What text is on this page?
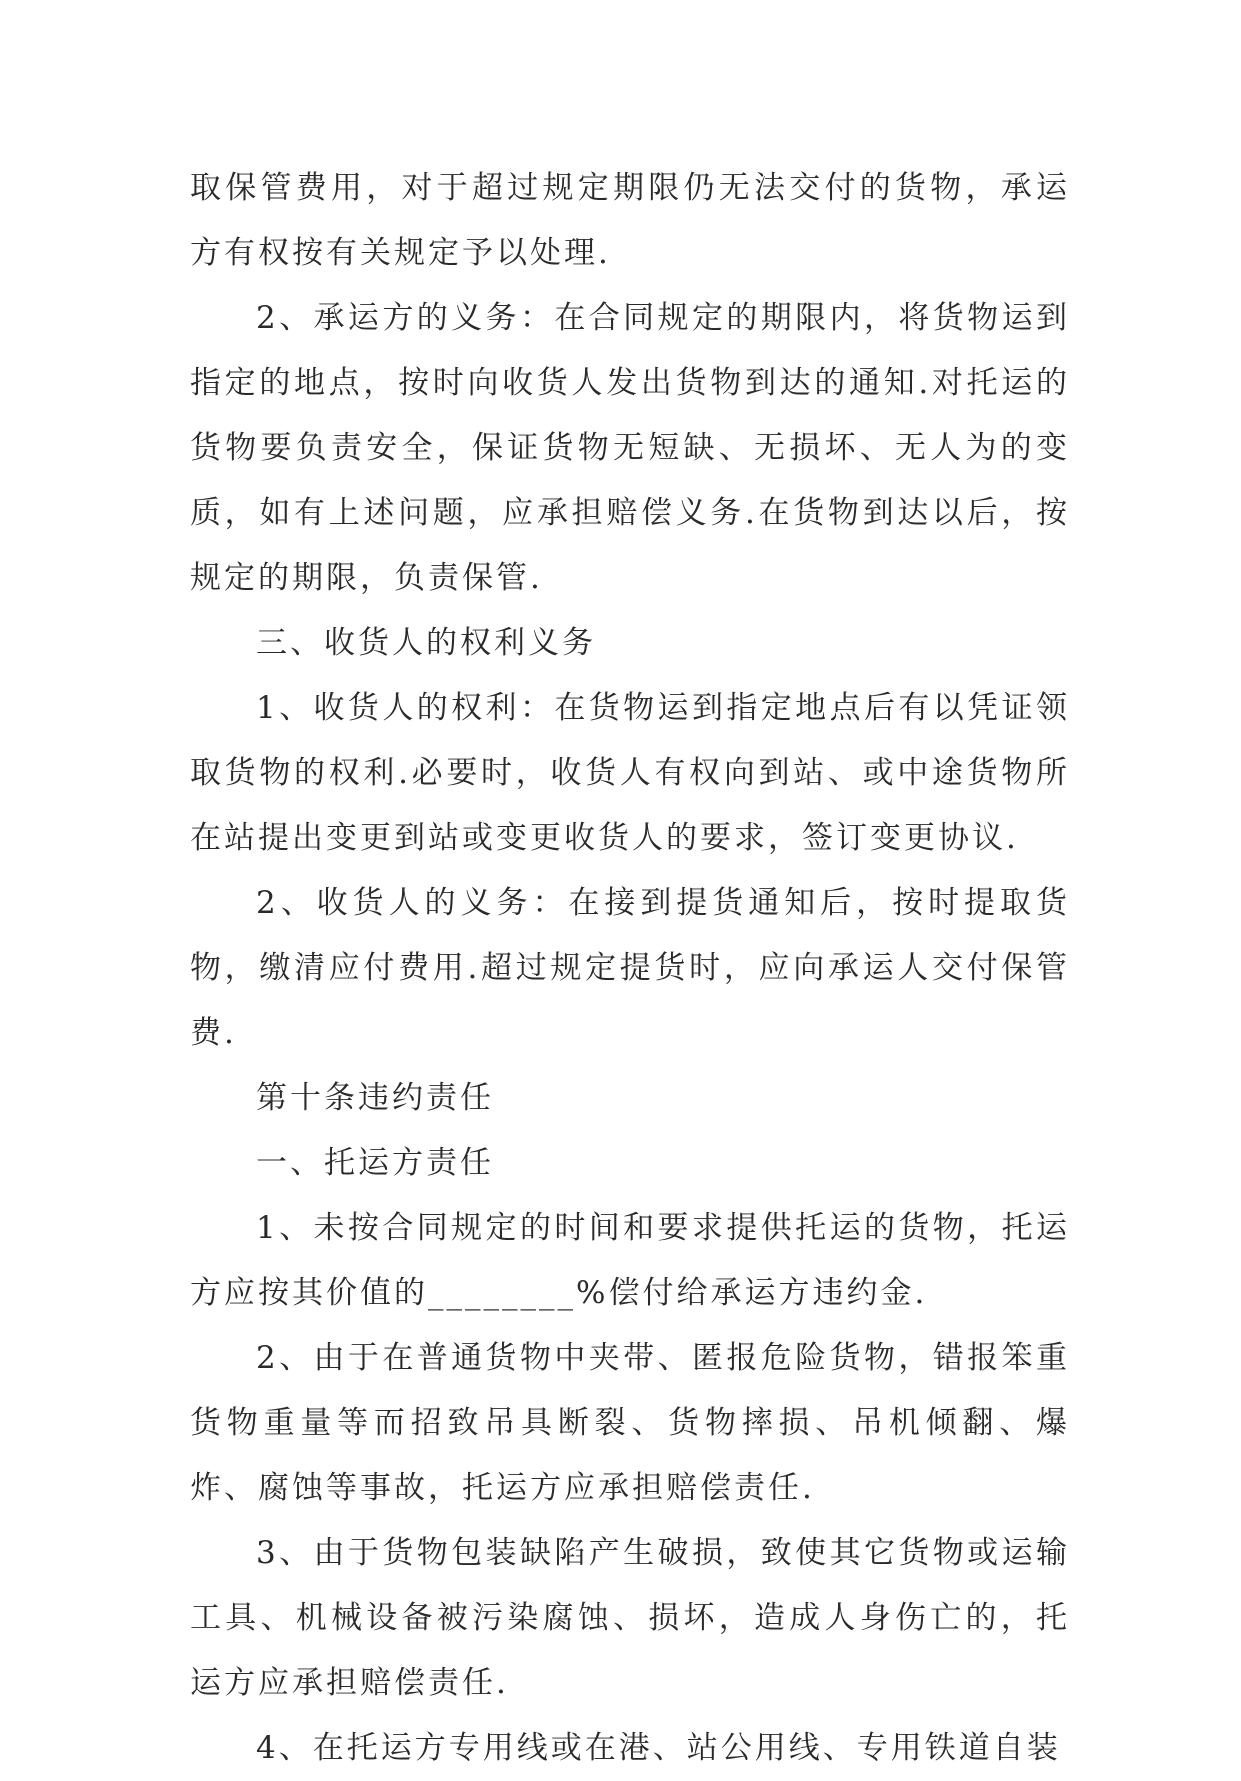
取保管费用，对于超过规定期限仍无法交付的货物，承运方有权按有关规定予以处理.

2、承运方的义务：在合同规定的期限内，将货物运到指定的地点，按时向收货人发出货物到达的通知.对托运的货物要负责安全，保证货物无短缺、无损坏、无人为的变质，如有上述问题，应承担赔偿义务.在货物到达以后，按规定的期限，负责保管.

三、收货人的权利义务

1、收货人的权利：在货物运到指定地点后有以凭证领取货物的权利.必要时，收货人有权向到站、或中途货物所在站提出变更到站或变更收货人的要求，签订变更协议.

2、收货人的义务：在接到提货通知后，按时提取货物，缴清应付费用.超过规定提货时，应向承运人交付保管费.

第十条违约责任

一、托运方责任

1、未按合同规定的时间和要求提供托运的货物，托运方应按其价值的________%偿付给承运方违约金.

2、由于在普通货物中夹带、匿报危险货物，错报笨重货物重量等而招致吊具断裂、货物摔损、吊机倾翻、爆炸、腐蚀等事故，托运方应承担赔偿责任.

3、由于货物包装缺陷产生破损，致使其它货物或运输工具、机械设备被污染腐蚀、损坏，造成人身伤亡的，托运方应承担赔偿责任.

4、在托运方专用线或在港、站公用线、专用铁道自装
